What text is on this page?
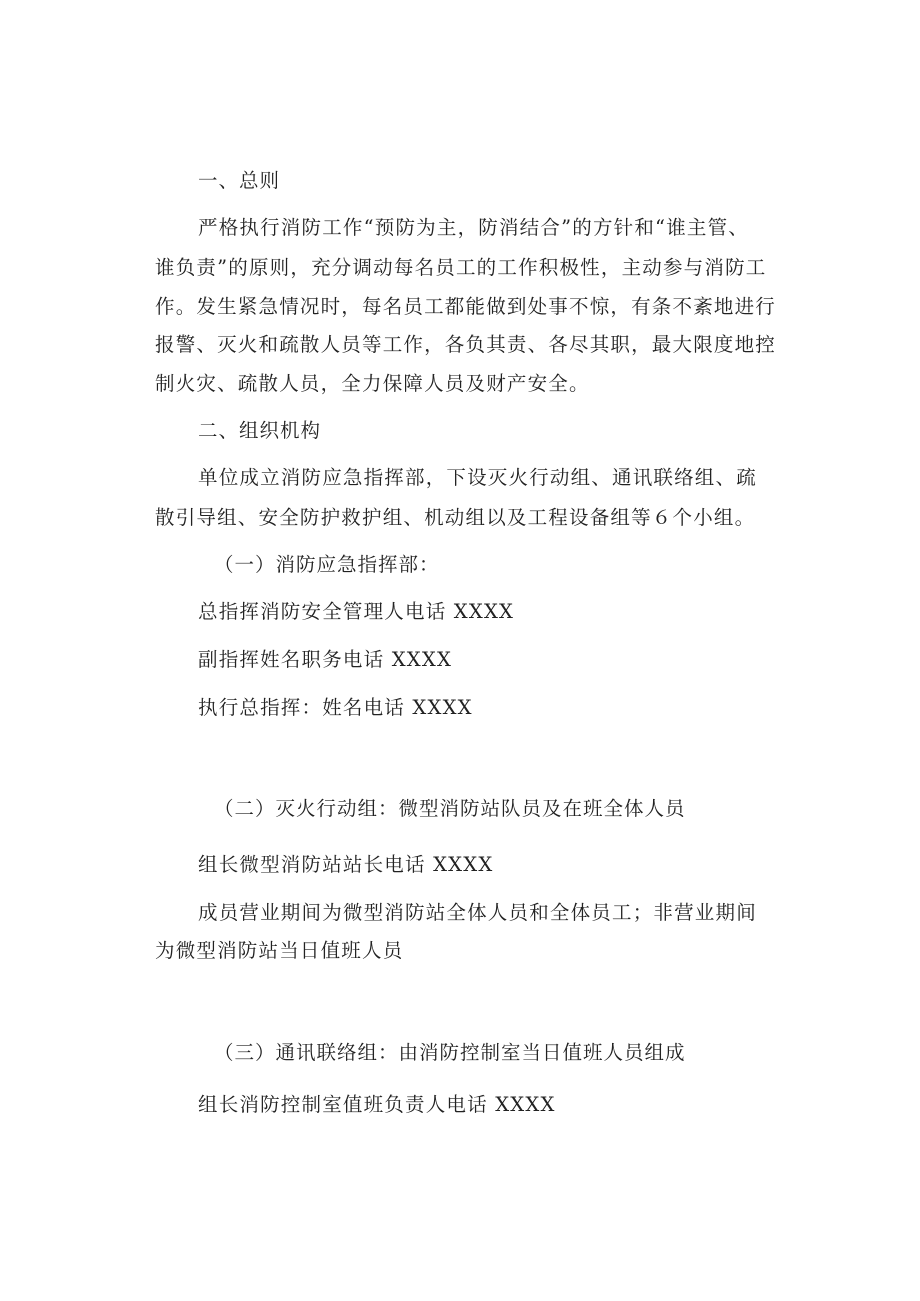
一、总则
严格执行消防工作“预防为主，防消结合”的方针和“谁主管、
谁负责”的原则，充分调动每名员工的工作积极性，主动参与消防工
作。发生紧急情况时，每名员工都能做到处事不惊，有条不紊地进行
报警、灭火和疏散人员等工作，各负其责、各尽其职，最大限度地控
制火灾、疏散人员，全力保障人员及财产安全。
二、组织机构
单位成立消防应急指挥部，下设灭火行动组、通讯联络组、疏
散引导组、安全防护救护组、机动组以及工程设备组等６个小组。
（一）消防应急指挥部：
总指挥消防安全管理人电话 XXXX
副指挥姓名职务电话 XXXX
执行总指挥：姓名电话 XXXX
（二）灭火行动组：微型消防站队员及在班全体人员
组长微型消防站站长电话 XXXX
成员营业期间为微型消防站全体人员和全体员工；非营业期间
为微型消防站当日值班人员
（三）通讯联络组：由消防控制室当日值班人员组成
组长消防控制室值班负责人电话 XXXX
